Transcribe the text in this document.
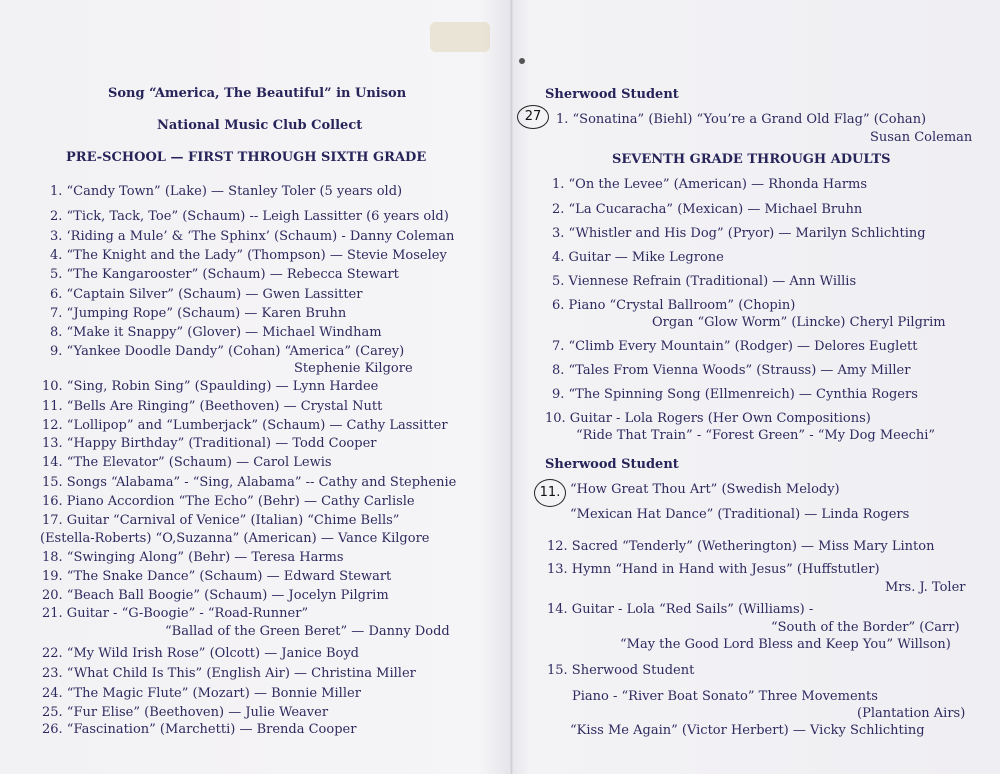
Song “America, The Beautiful” in Unison
National Music Club Collect
PRE-SCHOOL — FIRST THROUGH SIXTH GRADE
1. “Candy Town” (Lake) — Stanley Toler (5 years old)
2. “Tick, Tack, Toe” (Schaum) -- Leigh Lassitter (6 years old)
3. ‘Riding a Mule’ & ‘The Sphinx’ (Schaum) - Danny Coleman
4. “The Knight and the Lady” (Thompson) — Stevie Moseley
5. “The Kangarooster” (Schaum) — Rebecca Stewart
6. “Captain Silver” (Schaum) — Gwen Lassitter
7. “Jumping Rope” (Schaum) — Karen Bruhn
8. “Make it Snappy” (Glover) — Michael Windham
9. “Yankee Doodle Dandy” (Cohan) “America” (Carey)
Stephenie Kilgore
10. “Sing, Robin Sing” (Spaulding) — Lynn Hardee
11. “Bells Are Ringing” (Beethoven) — Crystal Nutt
12. “Lollipop” and “Lumberjack” (Schaum) — Cathy Lassitter
13. “Happy Birthday” (Traditional) — Todd Cooper
14. “The Elevator” (Schaum) — Carol Lewis
15. Songs “Alabama” - “Sing, Alabama” -- Cathy and Stephenie
16. Piano Accordion “The Echo” (Behr) — Cathy Carlisle
17. Guitar “Carnival of Venice” (Italian) “Chime Bells”
(Estella-Roberts) “O,Suzanna” (American) — Vance Kilgore
18. “Swinging Along” (Behr) — Teresa Harms
19. “The Snake Dance” (Schaum) — Edward Stewart
20. “Beach Ball Boogie” (Schaum) — Jocelyn Pilgrim
21. Guitar - “G-Boogie” - “Road-Runner”
“Ballad of the Green Beret” — Danny Dodd
22. “My Wild Irish Rose” (Olcott) — Janice Boyd
23. “What Child Is This” (English Air) — Christina Miller
24. “The Magic Flute” (Mozart) — Bonnie Miller
25. “Fur Elise” (Beethoven) — Julie Weaver
26. “Fascination” (Marchetti) — Brenda Cooper
Sherwood Student
27	1. “Sonatina” (Biehl) “You’re a Grand Old Flag” (Cohan)
Susan Coleman
SEVENTH GRADE THROUGH ADULTS
1. “On the Levee” (American) — Rhonda Harms
2. “La Cucaracha” (Mexican) — Michael Bruhn
3. “Whistler and His Dog” (Pryor) — Marilyn Schlichting
4. Guitar — Mike Legrone
5. Viennese Refrain (Traditional) — Ann Willis
6. Piano “Crystal Ballroom” (Chopin)
Organ “Glow Worm” (Lincke) Cheryl Pilgrim
7. “Climb Every Mountain” (Rodger) — Delores Euglett
8. “Tales From Vienna Woods” (Strauss) — Amy Miller
9. “The Spinning Song (Ellmenreich) — Cynthia Rogers
10. Guitar - Lola Rogers (Her Own Compositions)
“Ride That Train” - “Forest Green” - “My Dog Meechi”
Sherwood Student
11. “How Great Thou Art” (Swedish Melody)
“Mexican Hat Dance” (Traditional) — Linda Rogers
12. Sacred “Tenderly” (Wetherington) — Miss Mary Linton
13. Hymn “Hand in Hand with Jesus” (Huffstutler)
Mrs. J. Toler
14. Guitar - Lola “Red Sails” (Williams) -
“South of the Border” (Carr)
“May the Good Lord Bless and Keep You” Willson)
15. Sherwood Student
Piano - “River Boat Sonato” Three Movements
(Plantation Airs)
“Kiss Me Again” (Victor Herbert) — Vicky Schlichting
